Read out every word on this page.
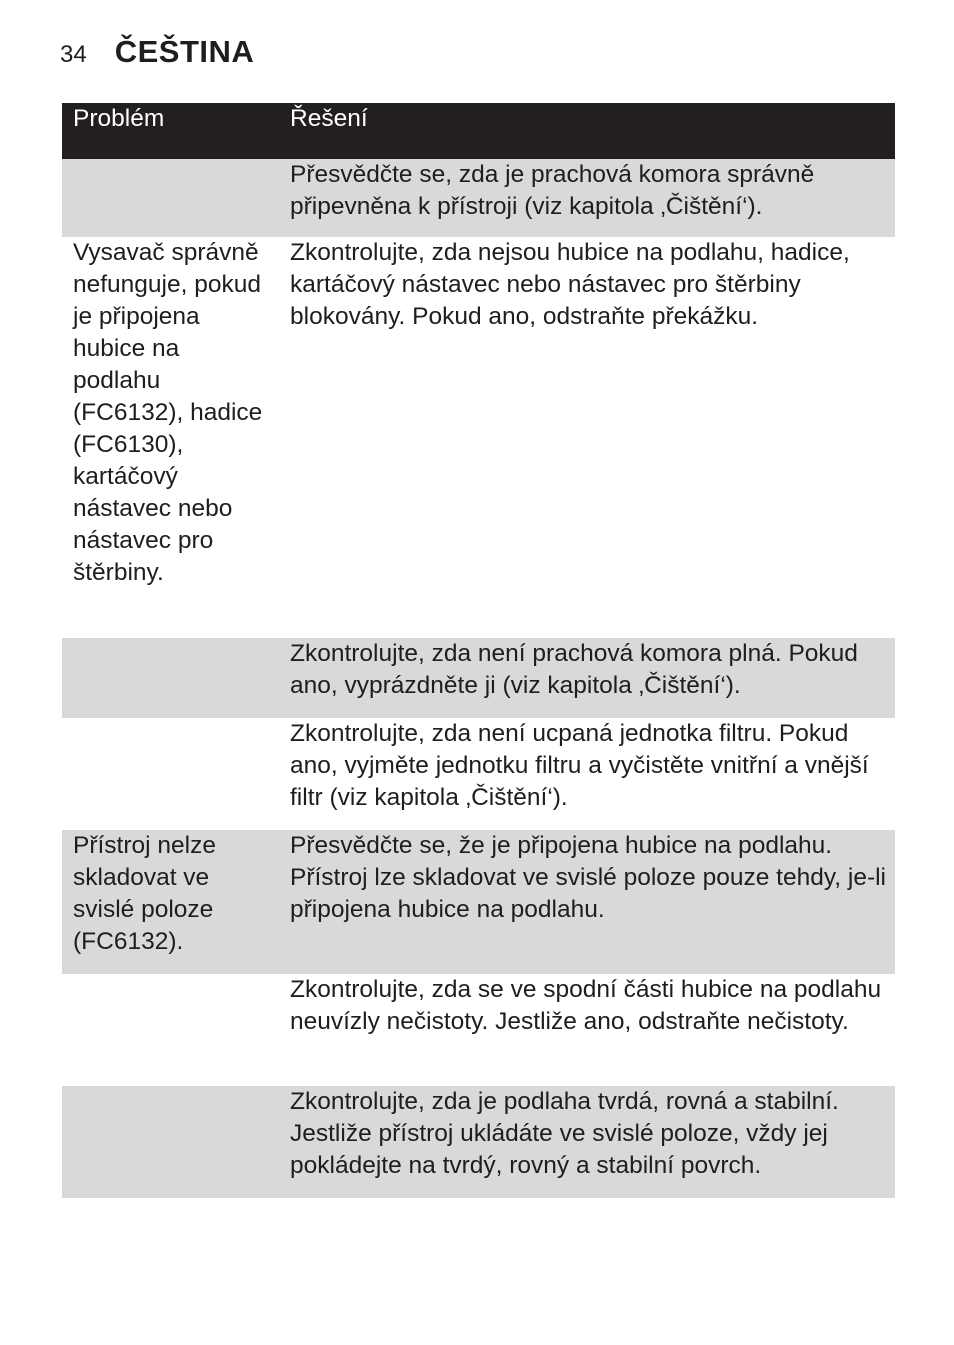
34 ČEŠTINA
Problém	Řešení
	Přesvědčte se, zda je prachová komora správně připevněna k přístroji (viz kapitola ‚Čištění‘).
Vysavač správně nefunguje, pokud je připojena hubice na podlahu (FC6132), hadice (FC6130), kartáčový nástavec nebo nástavec pro štěrbiny.	Zkontrolujte, zda nejsou hubice na podlahu, hadice, kartáčový nástavec nebo nástavec pro štěrbiny blokovány. Pokud ano, odstraňte překážku.
	Zkontrolujte, zda není prachová komora plná. Pokud ano, vyprázdněte ji (viz kapitola ‚Čištění‘).
	Zkontrolujte, zda není ucpaná jednotka filtru. Pokud ano, vyjměte jednotku filtru a vyčistěte vnitřní a vnější filtr (viz kapitola ‚Čištění‘).
Přístroj nelze skladovat ve svislé poloze (FC6132).	Přesvědčte se, že je připojena hubice na podlahu. Přístroj lze skladovat ve svislé poloze pouze tehdy, je-li připojena hubice na podlahu.
	Zkontrolujte, zda se ve spodní části hubice na podlahu neuvízly nečistoty. Jestliže ano, odstraňte nečistoty.
	Zkontrolujte, zda je podlaha tvrdá, rovná a stabilní. Jestliže přístroj ukládáte ve svislé poloze, vždy jej pokládejte na tvrdý, rovný a stabilní povrch.
